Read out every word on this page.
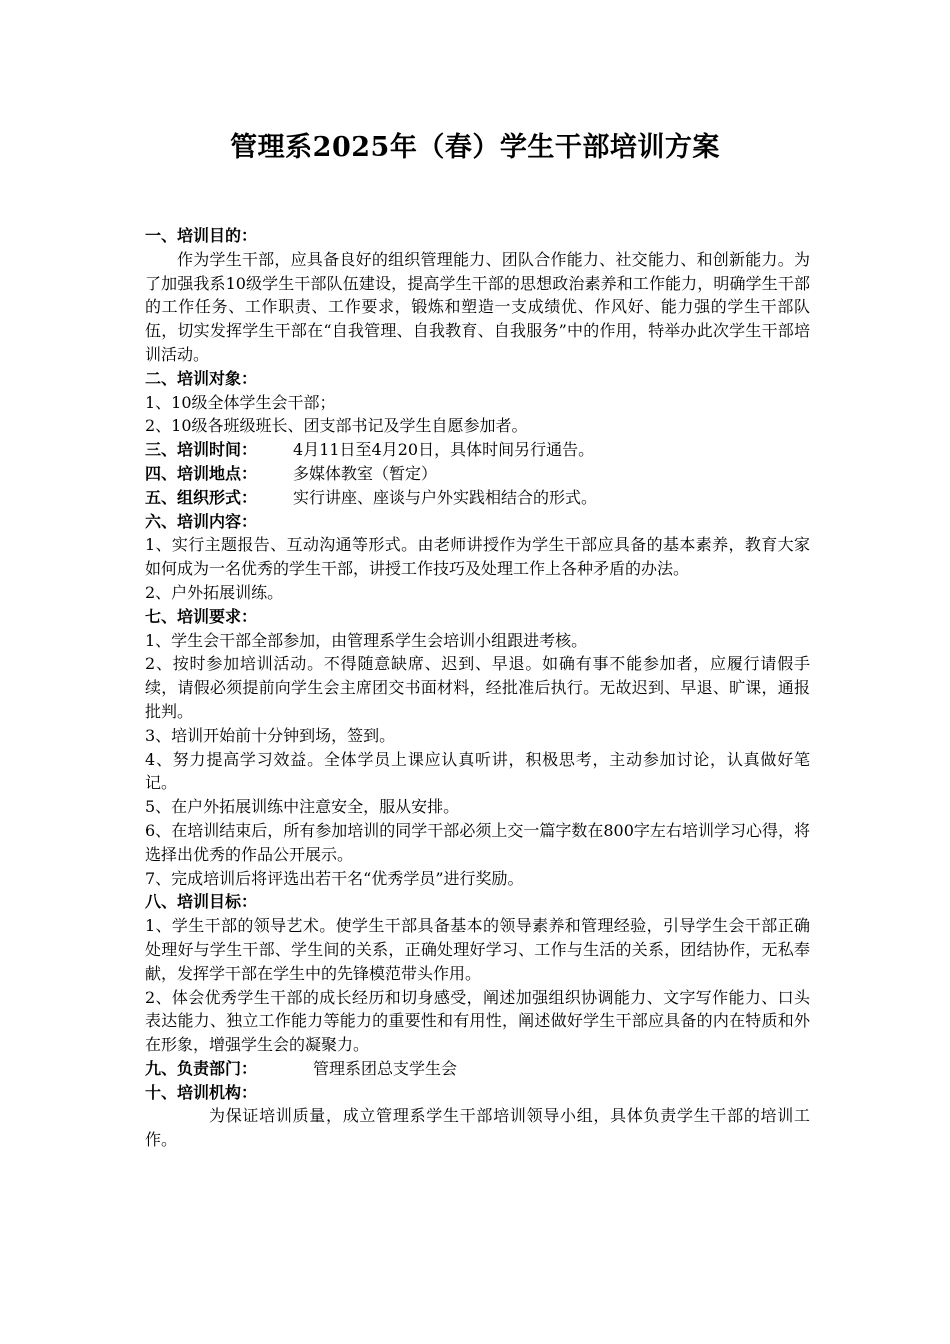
管理系2025年（春）学生干部培训方案

一、培训目的：

作为学生干部，应具备良好的组织管理能力、团队合作能力、社交能力、和创新能力。为了加强我系10级学生干部队伍建设，提高学生干部的思想政治素养和工作能力，明确学生干部的工作任务、工作职责、工作要求，锻炼和塑造一支成绩优、作风好、能力强的学生干部队伍，切实发挥学生干部在“自我管理、自我教育、自我服务”中的作用，特举办此次学生干部培训活动。

二、培训对象：

1、10级全体学生会干部；

2、10级各班级班长、团支部书记及学生自愿参加者。

三、培训时间： 4月11日至4月20日，具体时间另行通告。

四、培训地点： 多媒体教室（暂定）

五、组织形式： 实行讲座、座谈与户外实践相结合的形式。

六、培训内容：

1、实行主题报告、互动沟通等形式。由老师讲授作为学生干部应具备的基本素养，教育大家如何成为一名优秀的学生干部，讲授工作技巧及处理工作上各种矛盾的办法。

2、户外拓展训练。

七、培训要求：

1、学生会干部全部参加，由管理系学生会培训小组跟进考核。

2、按时参加培训活动。不得随意缺席、迟到、早退。如确有事不能参加者，应履行请假手续，请假必须提前向学生会主席团交书面材料，经批准后执行。无故迟到、早退、旷课，通报批判。

3、培训开始前十分钟到场，签到。

4、努力提高学习效益。全体学员上课应认真听讲，积极思考，主动参加讨论，认真做好笔记。

5、在户外拓展训练中注意安全，服从安排。

6、在培训结束后，所有参加培训的同学干部必须上交一篇字数在800字左右培训学习心得，将选择出优秀的作品公开展示。

7、完成培训后将评选出若干名“优秀学员”进行奖励。

八、培训目标：

1、学生干部的领导艺术。使学生干部具备基本的领导素养和管理经验，引导学生会干部正确处理好与学生干部、学生间的关系，正确处理好学习、工作与生活的关系，团结协作，无私奉献，发挥学干部在学生中的先锋模范带头作用。

2、体会优秀学生干部的成长经历和切身感受，阐述加强组织协调能力、文字写作能力、口头表达能力、独立工作能力等能力的重要性和有用性，阐述做好学生干部应具备的内在特质和外在形象，增强学生会的凝聚力。

九、负责部门：	管理系团总支学生会

十、培训机构：

为保证培训质量，成立管理系学生干部培训领导小组，具体负责学生干部的培训工作。
